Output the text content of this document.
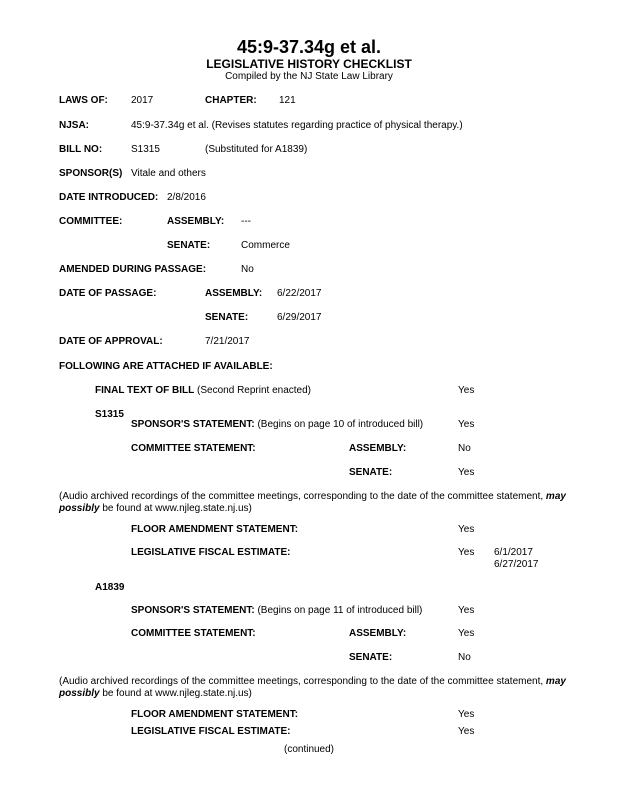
45:9-37.34g et al.
LEGISLATIVE HISTORY CHECKLIST
Compiled by the NJ State Law Library
LAWS OF: 2017	CHAPTER: 121
NJSA:	45:9-37.34g et al. (Revises statutes regarding practice of physical therapy.)
BILL NO:	S1315	(Substituted for A1839)
SPONSOR(S) Vitale and others
DATE INTRODUCED: 2/8/2016
COMMITTEE:	ASSEMBLY: ---
SENATE:	Commerce
AMENDED DURING PASSAGE:	No
DATE OF PASSAGE:	ASSEMBLY: 6/22/2017
SENATE:	6/29/2017
DATE OF APPROVAL:	7/21/2017
FOLLOWING ARE ATTACHED IF AVAILABLE:
FINAL TEXT OF BILL (Second Reprint enacted)	Yes
S1315
SPONSOR'S STATEMENT: (Begins on page 10 of introduced bill)	Yes
COMMITTEE STATEMENT:	ASSEMBLY:	No
SENATE:	Yes
(Audio archived recordings of the committee meetings, corresponding to the date of the committee statement, may possibly be found at www.njleg.state.nj.us)
FLOOR AMENDMENT STATEMENT:	Yes
LEGISLATIVE FISCAL ESTIMATE:	Yes 6/1/2017
6/27/2017
A1839
SPONSOR'S STATEMENT: (Begins on page 11 of introduced bill)	Yes
COMMITTEE STATEMENT:	ASSEMBLY:	Yes
SENATE:	No
(Audio archived recordings of the committee meetings, corresponding to the date of the committee statement, may possibly be found at www.njleg.state.nj.us)
FLOOR AMENDMENT STATEMENT:	Yes
LEGISLATIVE FISCAL ESTIMATE:	Yes
(continued)
